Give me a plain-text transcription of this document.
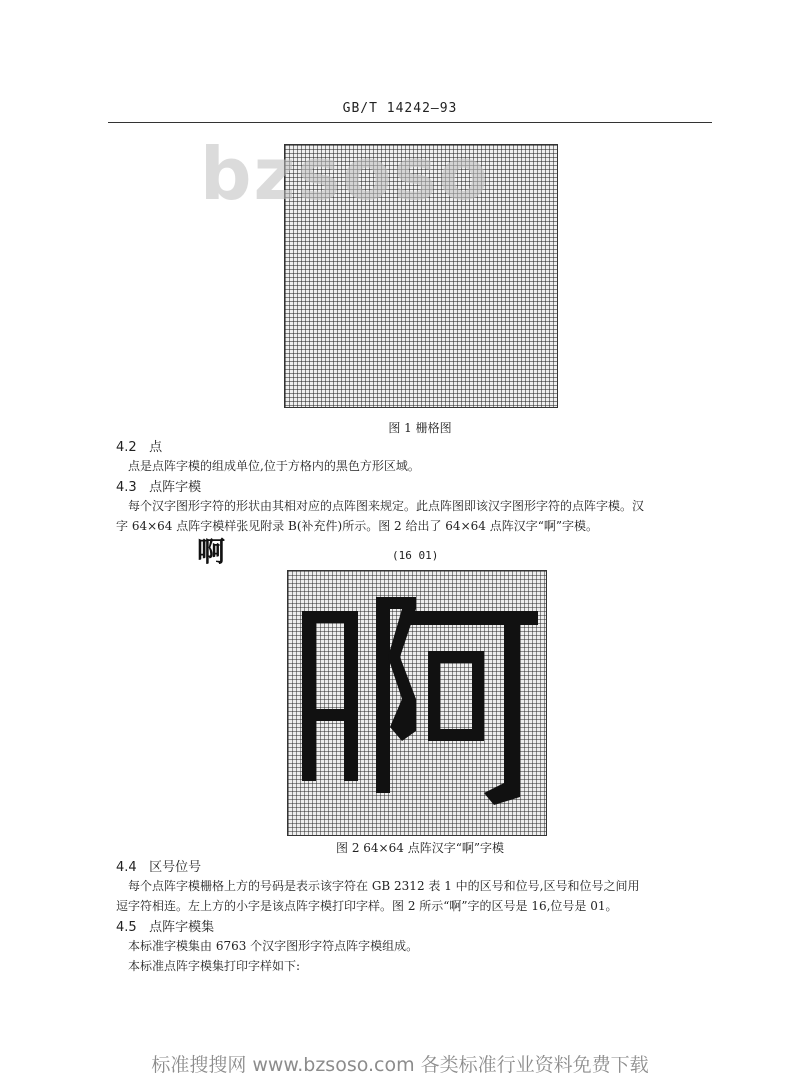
GB/T 14242—93
bzsoso
图 1 栅格图
4.2 点
点是点阵字模的组成单位,位于方格内的黑色方形区域。
4.3 点阵字模
每个汉字图形字符的形状由其相对应的点阵图来规定。此点阵图即该汉字图形字符的点阵字模。汉
字 64×64 点阵字模样张见附录 B(补充件)所示。图 2 给出了 64×64 点阵汉字“啊”字模。
啊	(16 01)
图 2 64×64 点阵汉字“啊”字模
4.4 区号位号
每个点阵字模栅格上方的号码是表示该字符在 GB 2312 表 1 中的区号和位号,区号和位号之间用
逗字符相连。左上方的小字是该点阵字模打印字样。图 2 所示“啊”字的区号是 16,位号是 01。
4.5 点阵字模集
本标准字模集由 6763 个汉字图形字符点阵字模组成。
本标准点阵字模集打印字样如下:
标准搜搜网 www.bzsoso.com 各类标准行业资料免费下载
